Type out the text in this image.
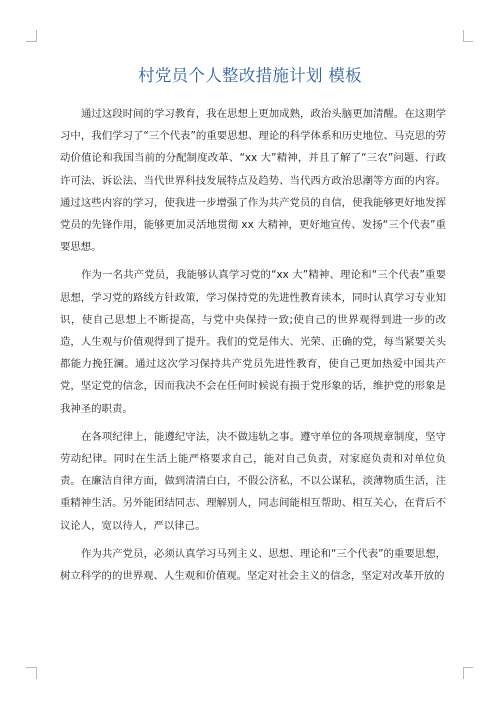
村党员个人整改措施计划 模板

通过这段时间的学习教育，我在思想上更加成熟，政治头脑更加清醒。在这期学习中，我们学习了“三个代表”的重要思想、理论的科学体系和历史地位、马克思的劳动价值论和我国当前的分配制度改革、“xx 大”精神，并且了解了“三农”问题、行政许可法、诉讼法、当代世界科技发展特点及趋势、当代西方政治思潮等方面的内容。通过这些内容的学习，使我进一步增强了作为共产党员的自信，使我能够更好地发挥党员的先锋作用，能够更加灵活地贯彻 xx 大精神，更好地宣传、发扬“三个代表”重要思想。

作为一名共产党员，我能够认真学习党的“xx 大”精神、理论和“三个代表”重要思想，学习党的路线方针政策，学习保持党的先进性教育读本，同时认真学习专业知识，使自己思想上不断提高，与党中央保持一致;使自己的世界观得到进一步的改造，人生观与价值观得到了提升。我们的党是伟大、光荣、正确的党，每当紧要关头都能力挽狂澜。通过这次学习保持共产党员先进性教育，使自己更加热爱中国共产党，坚定党的信念，因而我决不会在任何时候说有损于党形象的话，维护党的形象是我神圣的职责。

在各项纪律上，能遵纪守法，决不做违轨之事。遵守单位的各项规章制度，坚守劳动纪律。同时在生活上能严格要求自己，能对自己负责，对家庭负责和对单位负责。在廉洁自律方面，做到清清白白，不假公济私，不以公谋私，淡薄物质生活，注重精神生活。另外能团结同志、理解别人，同志间能相互帮助、相互关心，在背后不议论人，宽以待人，严以律己。

作为共产党员，必须认真学习马列主义、思想、理论和“三个代表”的重要思想，树立科学的的世界观、人生观和价值观。坚定对社会主义的信念，坚定对改革开放的
